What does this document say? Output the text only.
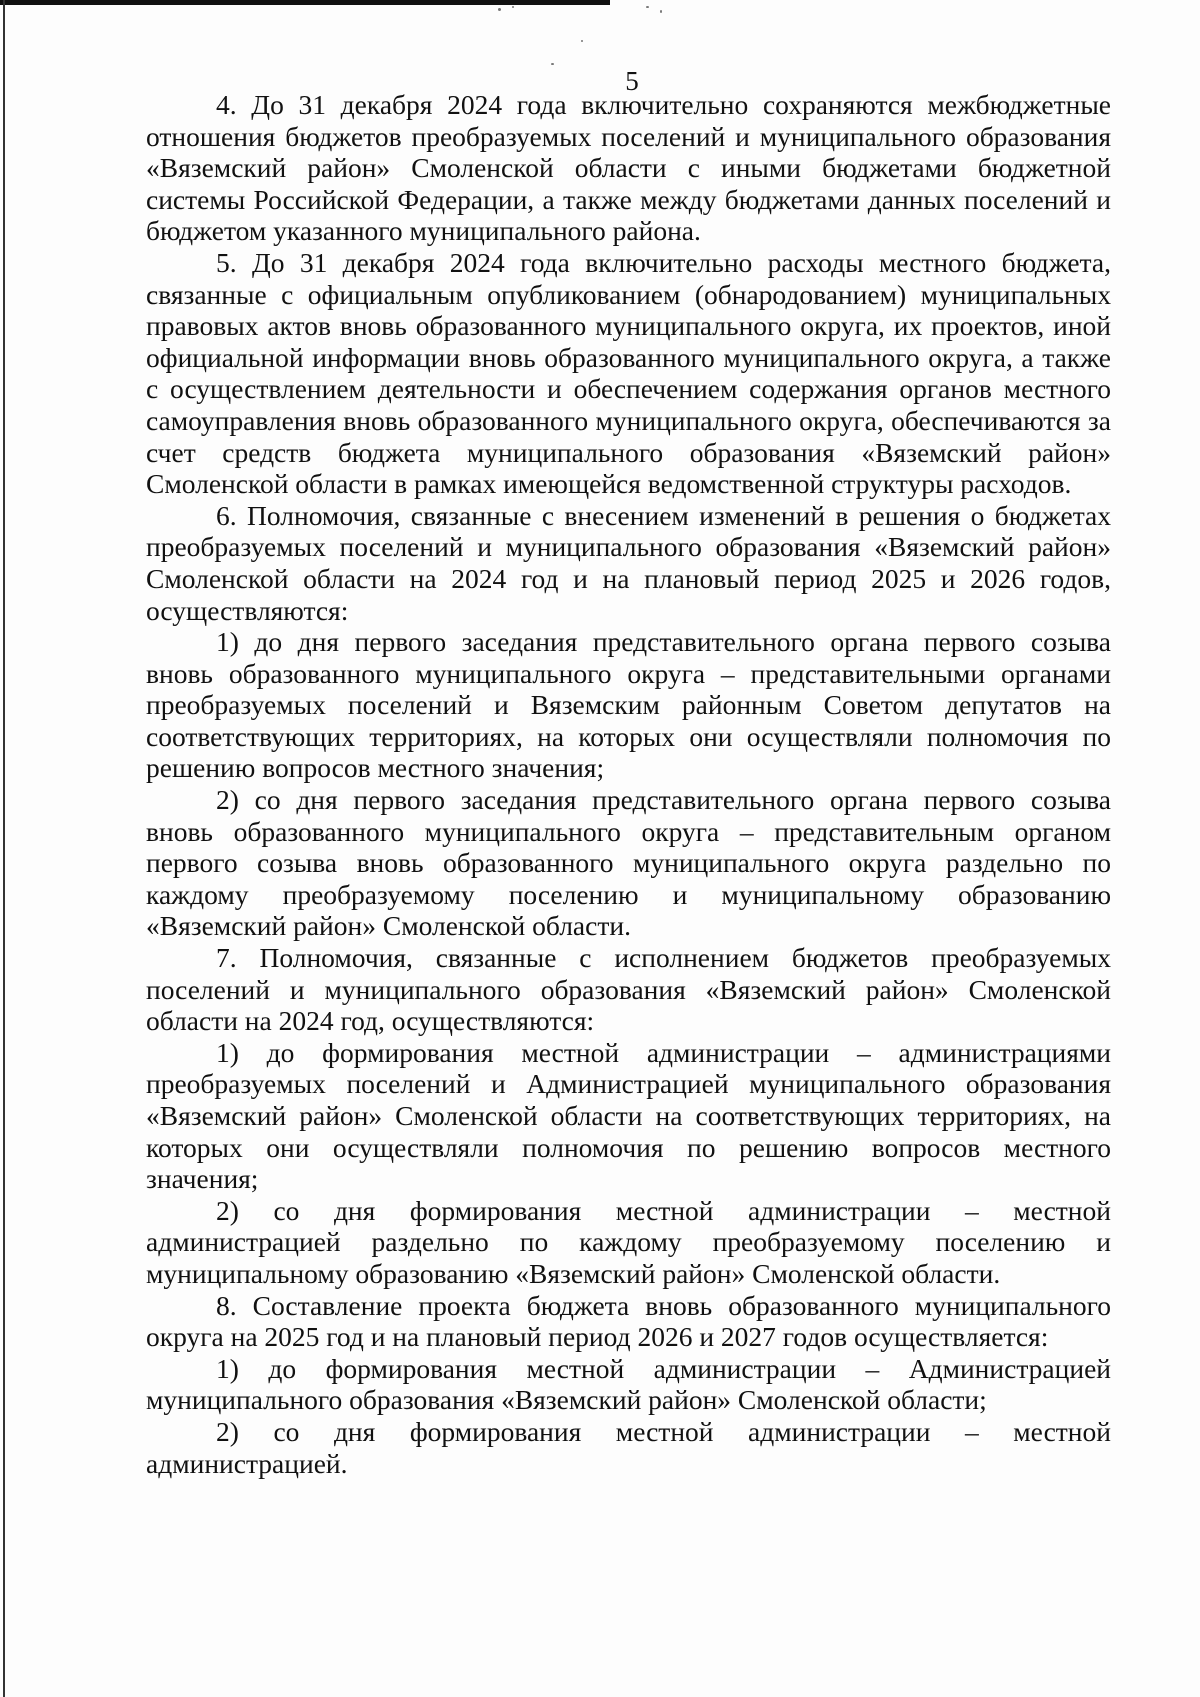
5

4. До 31 декабря 2024 года включительно сохраняются межбюджетные отношения бюджетов преобразуемых поселений и муниципального образования «Вяземский район» Смоленской области с иными бюджетами бюджетной системы Российской Федерации, а также между бюджетами данных поселений и бюджетом указанного муниципального района.

5. До 31 декабря 2024 года включительно расходы местного бюджета, связанные с официальным опубликованием (обнародованием) муниципальных правовых актов вновь образованного муниципального округа, их проектов, иной официальной информации вновь образованного муниципального округа, а также с осуществлением деятельности и обеспечением содержания органов местного самоуправления вновь образованного муниципального округа, обеспечиваются за счет средств бюджета муниципального образования «Вяземский район» Смоленской области в рамках имеющейся ведомственной структуры расходов.

6. Полномочия, связанные с внесением изменений в решения о бюджетах преобразуемых поселений и муниципального образования «Вяземский район» Смоленской области на 2024 год и на плановый период 2025 и 2026 годов, осуществляются:

1) до дня первого заседания представительного органа первого созыва вновь образованного муниципального округа – представительными органами преобразуемых поселений и Вяземским районным Советом депутатов на соответствующих территориях, на которых они осуществляли полномочия по решению вопросов местного значения;

2) со дня первого заседания представительного органа первого созыва вновь образованного муниципального округа – представительным органом первого созыва вновь образованного муниципального округа раздельно по каждому преобразуемому поселению и муниципальному образованию «Вяземский район» Смоленской области.

7. Полномочия, связанные с исполнением бюджетов преобразуемых поселений и муниципального образования «Вяземский район» Смоленской области на 2024 год, осуществляются:

1) до формирования местной администрации – администрациями преобразуемых поселений и Администрацией муниципального образования «Вяземский район» Смоленской области на соответствующих территориях, на которых они осуществляли полномочия по решению вопросов местного значения;

2) со дня формирования местной администрации – местной администрацией раздельно по каждому преобразуемому поселению и муниципальному образованию «Вяземский район» Смоленской области.

8. Составление проекта бюджета вновь образованного муниципального округа на 2025 год и на плановый период 2026 и 2027 годов осуществляется:

1) до формирования местной администрации – Администрацией муниципального образования «Вяземский район» Смоленской области;

2) со дня формирования местной администрации – местной администрацией.
